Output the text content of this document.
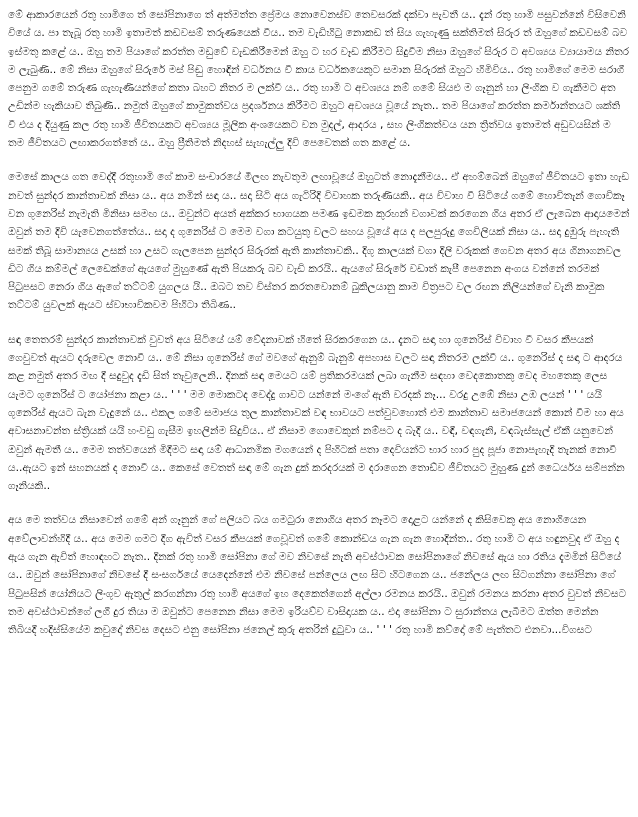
මේ ආකාරයෙන් රතු හාමිගෙ ත් සෝපිනාගෙ ත් අත්මත්ත ප්‍රේමය නොවෙනස්ව තෙවසරක් දක්වා පැවතී ය.. දැන් රතු හාමි පසුවන්නේ විසිවෙනි වියේ ය. පා තැබූ රතු හාමි ඉතාමත් කඩවසම් තරුණයෙක් වීය.. තම වැඩිහිටු නොකඩ ත් සිය ගැහැණු සක්තිමත් සිරුර ත් ඔහුගේ කඩවසම් බව ඉස්මතු කළේ ය.. ඔහු තම පියාගේ කරත්ත මඩුවේ වැඩකිරීමෙන් ඔහු ට හර වෑඩ කිරීමට සිදුවීම නිසා ඔහුගේ සිරුර ට අවශ්‍යය ව්‍යායාමය නිතර ම ලැබුණි.. මේ නිසා ඔහුගේ සිරුරේ මස් පිඬු හොඳින් වර්ධනය වී කාය වර්ධකයෙකුට සමාන සිරුරක් ඔහුට හිමිවිය.. රතු හාමිගේ මෙම සරාගී පෙනුම ගමේ තරුණ ගැහැණියන්ගේ කතා බහට නිතර ම ලක්වී ය.. රතු හාමි ට අවශ්‍යය නම් ගමේ සියළු ම ගෑනුන් හා ලිංගික ව ගැකීමට අත උඩින්ම හැකියාව තිබුණි.. නමුත් ඔහුගේ කාමුකත්වය ප්‍රදර්ශනය කිරීමට ඔහුට අවශ්‍යය වූයේ නැත.. තම පියාගේ කරත්ත කර්මාන්තයට ශක්ති වී එය ද දියුණු කල රතු හාමි ජීවිතයකට අවශ්‍යය මූලික අංශයෙකට වන මුදල්, ආදරය , සහ ලිංගිකත්වය යන ත්‍රිත්වය ඉතාමත් අඩුවයසින් ම තම ජීවිතයට ලඟාකරගත්තේ ය.. ඔහු ප්‍රීතිමත් නිදහස් සැහැල්ලු දිවි පෙවෙතක් ගත කළේ ය.

මෙසේ කාලය ගත වෙද්දී රතුහාමි ගේ කාම සංචාරයේ මීලඟ නැවතුම ලඟාවූයේ ඔහුටත් නොදැනීමය.. ඒ අහම්බෙන් ඔහුගේ ජීවිතයට ඉතා හැඩ නවත් සුන්දර කාන්තාවක් නිසා ය.. අය නමින් සඳා ය.. සදා සිටි අය ගැටිරිදි විවාහක තරුණියකි.. අය විවාහ වී සිටියේ ගමේ හොවිතැන් ගොවිකෑ වන ගුනෙරිස් නැමැති මිනිසා සමඟ ය.. ඔවුන්ට අයත් අක්කර භාගයක පමණ ඉඩමක කුරහන් වගාවක් කරගෙන ගිය අතර ඒ ලැබෙන ආදායමෙන් ඔවුන් තම දිවි යැවෙනගත්තේය.. සදා ද ගුනෙරිස් ට මෙම වගා කටයුතු වලට සහය වූයේ අය ද පලපුරුදු ගෙවිලියක් නිසා ය.. සදා දුඹුරු පැහැති සමක් තිබූ සාමාන්‍යය උසක් හා උසට ගැලපෙන සුන්දර සිරුරක් ඇති කාන්තාවකි.. දිගු කාලයක් වගා දිලි වරුකක් ගෙවන අතර අය ගිනාගනවල ඩිට ගිය කම්මල් ලෙඩෙක්ගේ ඇයගේ මුහුණේ ඇති පියකරු බව වැඩි කරයි.. ඇයගේ සිරුරේ වඩාත් කැපී පෙනෙන අංගය වන්නේ තරමක් පිටුපසට නෙරා ගිය ඇගේ තට්ටම් යුගලය යි.. ඔබට තව විස්තර කරතවොනම් බුකිලයානු කාම විත්‍රපට වල රඟන නිලියන්ගේ වැනි කාමුක තට්ටම් යුවලක් ඇයට ස්වාභාවිකවම පිහිටා තිබිණ..

සඳා තෙතරම් සුන්දර කාන්තාවක් වුවත් අය සිටියේ යම් වේදනාවක් හිතේ සිරකරගෙන ය.. දැනට සඳා හා ගුනෙරිස් විවාහ වී වසර කීපයක් ගෙවුවත් ඇයට දරුවෙල නොවී ය.. මේ නිසා ගුනෙරිස් ගේ මවගේ ඇනුම් බැනුම් අපහාස වලට සඳා නිතරම ලක්වී ය.. ගුනෙරිස් ද සඳා ට ආදරය කළ නමුත් අතර මඟ දී සදුවුද දැඩි සිත් තැවුලෙනි.. දිනක් සඳා මෙයට යම් ප්‍රතිකරමයක් ලබා ගැනීම සඳහා වෙදකොතකු වෙද මහතෙකු ලෙස යැමට ගුනෙරිස් ට යෝජනා කළා ය.. ' ' ' මම මොකටද වෙද්දු ගාවට යන්නේ මංගේ ඇති වරදක් නෑ... වරදු උඹේ නිසා උඹ ලයන් ' ' ' යයි ගුනෙරිස් ඇයට බැන වැදුනේ ය.. එකල ගමේ සමාජය තුල කාන්තාවක් වඳ භාවයට පත්වුවහොත් එම කාන්තාව සමාජයෙන් කොන් වීම හා අය අවාසනාවන්ත ස්ත්‍රියක් යයි හංවඩු ගැසීම ඉහලින්ම සිදුවිය.. ඒ නිසාම ගොවෙකුන් නම්පට ද බැදී ය.. වඳී, වඳගැනි, වඳබැස්සැල් ඒකී යනුවෙන් ඔවුන් ඇමතී ය.. මෙම තත්වයෙන් මිදීමට සඳා යම් ආධානමික මගයෙන් ද පිහිටක් පතා දෙවියන්ට භාර හාර පුද පූජා නොපැහැදි තැනක් නොවී ය..ඇයට ඉන් සහනයක් ද නොවී ය.. කෙසේ වෙතත් සඳා මේ ගැන දුක් කරදරයක් ම දරාගෙන තොඩ්ව ජීවිතයට මුහුණ දුන් ධෛර්යය සම්පන්න ගෑනියකි..

අය මෙ තත්වය නිසාවෙන් ගමේ අන් ගෑනුන් ගේ පලියට බය ගමටුරා නොගිය අතර නෑමට දොළට යන්නේ ද කිසිවෙකු අය නොගියෙන අවේලාවන්හිදී ය.. අය මෙම ගමට දීග ඇවිත් වසර කීපයක් ගෙවූවත් ගමේ කොන්ඩය ගැන ගැන හොදින්ත.. රතු හාමි ට අය හඳුනවුද ඒ ඔහු ද ඇය ගැන ඇවිත් හොඳහට නැත.. දිනක් රතු හාමි සෝපිනා ගේ මව නිවසේ නැති අවස්ථාවක සෝපිනාගේ නිවසේ ඇය හා රතිය දැමමින් සිටියේ ය.. ඔවුන් සෝපිනාගේ නිවසේ දී සංසර්ගයේ යෙදෙන්නේ එම නිවසේ පන්ලෙය ලඟ සිට හිටගෙන ය.. ජනේලය ලඟ සිටගන්නා සෝපිනා ගේ පිටුපසින් යෝනියට ලිංගුව ඇතුල් කරගන්නා රතු හාමි අයගේ ඉහ දෙකෙත්ගෙන් අල්ලා රමනය කරයි.. ඔවුන් රමනය කරනා අතර වුවත් නිවසට තම අවස්ථාවන්ගේ ලගී දුර තියා ම ඔවුන්ට පෙනෙන නිසා මෙම ඉරියව්ව වාසිදායක ය.. එදා සෝපිනා ට සුරාන්තය ලැබීමට ඔත්ත මෙන්න තිබියදී හදිස්සියේම කවුදෝ නිවස දෙසට එනු සෝපිනා ජනෙල් කුරු අතරින් දුටුවා ය.. ' ' ' රතු හාමි කව්දෝ මේ පැත්තට එනවා...විගසට
